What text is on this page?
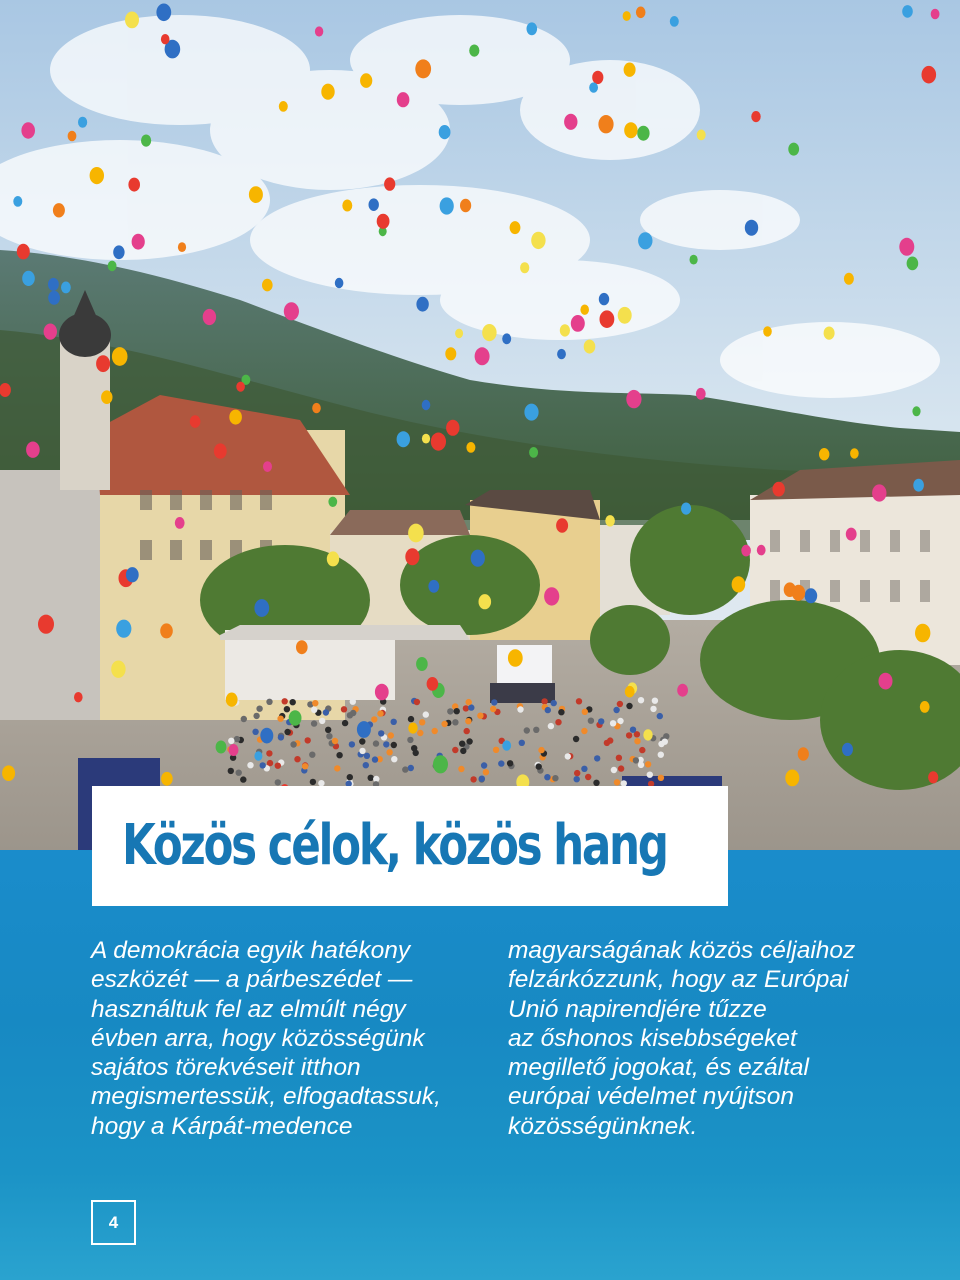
Közös célok, közös hang

A demokrácia egyik hatékony
eszközét — a párbeszédet —
használtuk fel az elmúlt négy
évben arra, hogy közösségünk
sajátos törekvéseit itthon
megismertessük, elfogadtassuk,
hogy a Kárpát-medence

magyarságának közös céljaihoz
felzárkózzunk, hogy az Európai
Unió napirendjére tűzze
az őshonos kisebbségeket
megillető jogokat, és ezáltal
európai védelmet nyújtson
közösségünknek.

4
